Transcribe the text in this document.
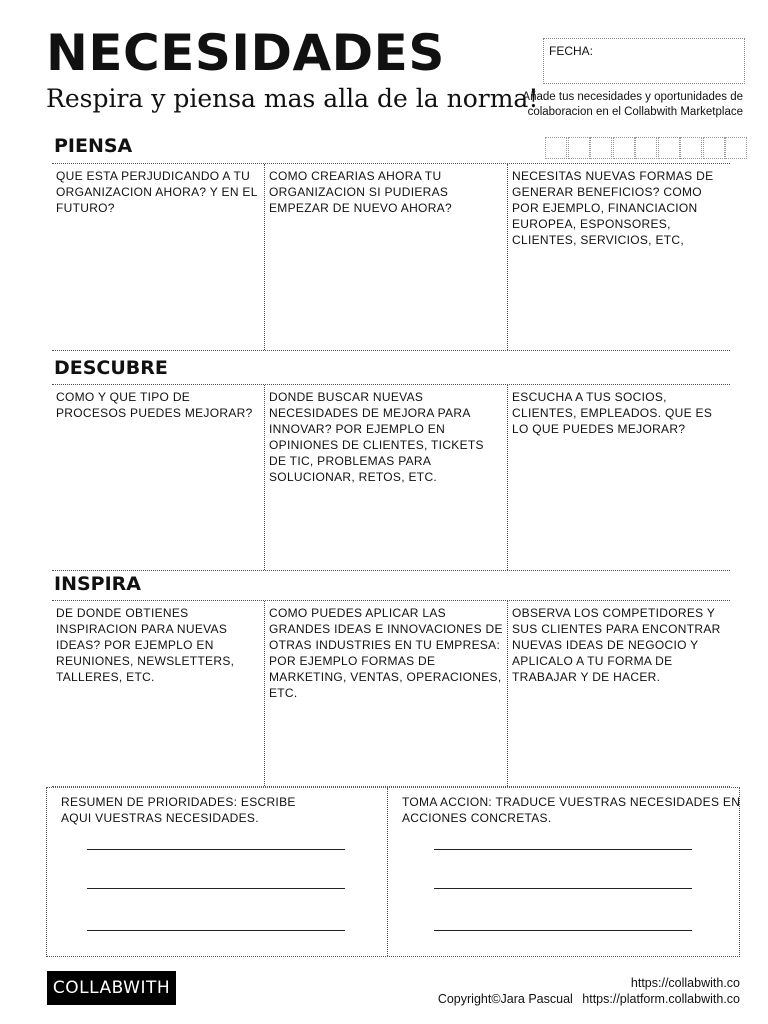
NECESIDADES
Respira y piensa mas alla de la norma!
FECHA:
Añade tus necesidades y oportunidades de colaboracion en el Collabwith Marketplace
PIENSA
QUE ESTA PERJUDICANDO A TU ORGANIZACION AHORA? Y EN EL FUTURO?
COMO CREARIAS AHORA TU ORGANIZACION SI PUDIERAS EMPEZAR DE NUEVO AHORA?
NECESITAS NUEVAS FORMAS DE GENERAR BENEFICIOS? COMO POR EJEMPLO, FINANCIACION EUROPEA, ESPONSORES, CLIENTES, SERVICIOS, ETC,
DESCUBRE
COMO Y QUE TIPO DE PROCESOS PUEDES MEJORAR?
DONDE BUSCAR NUEVAS NECESIDADES DE MEJORA PARA INNOVAR? POR EJEMPLO EN OPINIONES DE CLIENTES, TICKETS DE TIC, PROBLEMAS PARA SOLUCIONAR, RETOS, ETC.
ESCUCHA A TUS SOCIOS, CLIENTES, EMPLEADOS. QUE ES LO QUE PUEDES MEJORAR?
INSPIRA
DE DONDE OBTIENES INSPIRACION PARA NUEVAS IDEAS? POR EJEMPLO EN REUNIONES, NEWSLETTERS, TALLERES, ETC.
COMO PUEDES APLICAR LAS GRANDES IDEAS E INNOVACIONES DE OTRAS INDUSTRIES EN TU EMPRESA: POR EJEMPLO FORMAS DE MARKETING, VENTAS, OPERACIONES, ETC.
OBSERVA LOS COMPETIDORES Y SUS CLIENTES PARA ENCONTRAR NUEVAS IDEAS DE NEGOCIO Y APLICALO A TU FORMA DE TRABAJAR Y DE HACER.
RESUMEN DE PRIORIDADES: ESCRIBE AQUI VUESTRAS NECESIDADES.
TOMA ACCION: TRADUCE VUESTRAS NECESIDADES EN ACCIONES CONCRETAS.
COLLABWITH	https://collabwith.co
Copyright©Jara Pascual https://platform.collabwith.co
